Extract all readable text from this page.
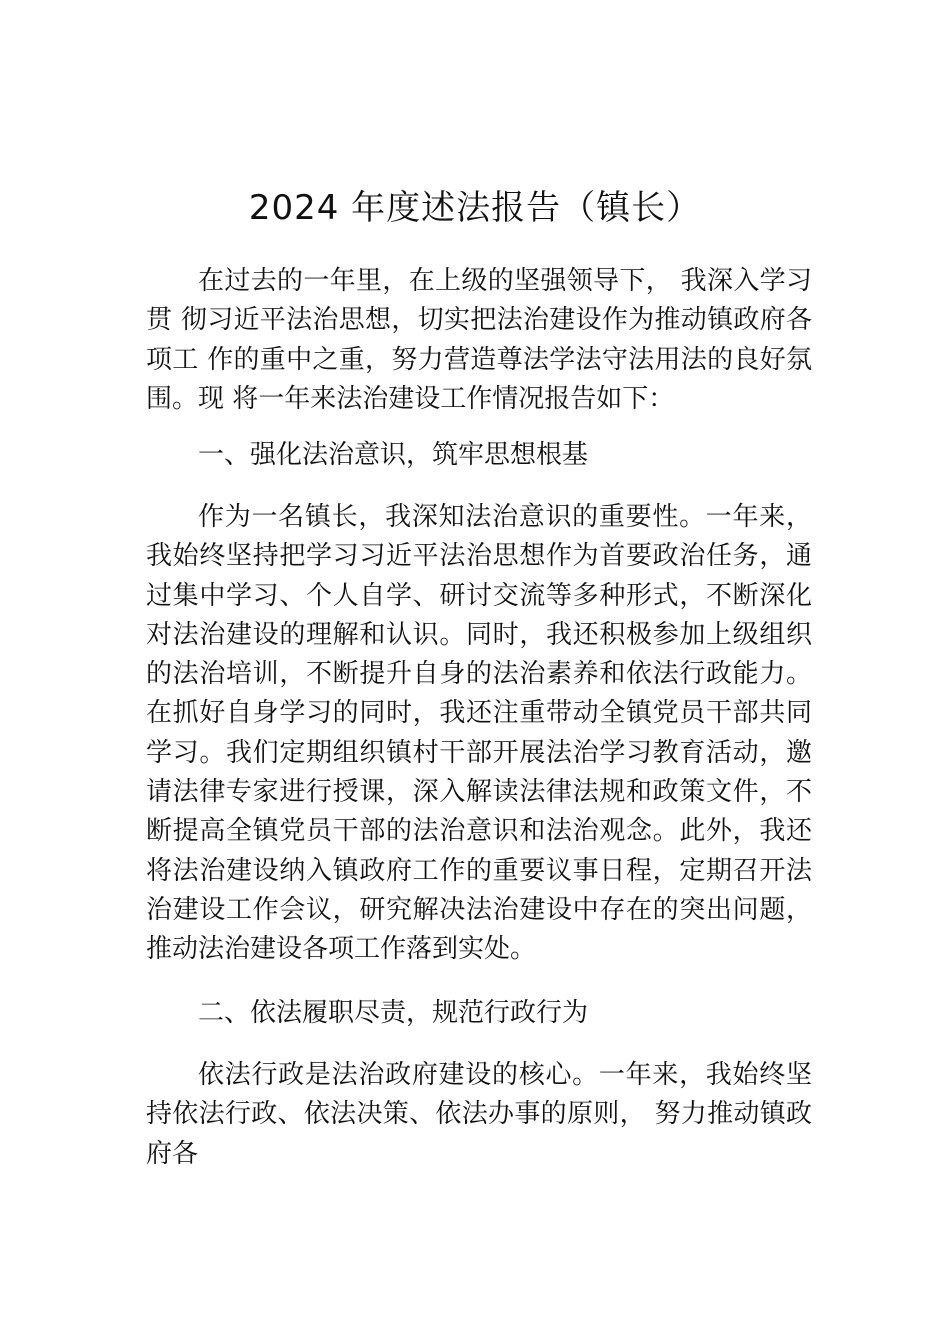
2024 年度述法报告（镇长）

在过去的一年里，在上级的坚强领导下， 我深入学习贯 彻习近平法治思想，切实把法治建设作为推动镇政府各项工 作的重中之重，努力营造尊法学法守法用法的良好氛围。现 将一年来法治建设工作情况报告如下：

一、强化法治意识，筑牢思想根基

作为一名镇长，我深知法治意识的重要性。一年来，我始终坚持把学习习近平法治思想作为首要政治任务，通过集中学习、个人自学、研讨交流等多种形式，不断深化对法治建设的理解和认识。同时，我还积极参加上级组织的法治培训，不断提升自身的法治素养和依法行政能力。在抓好自身学习的同时，我还注重带动全镇党员干部共同学习。我们定期组织镇村干部开展法治学习教育活动，邀请法律专家进行授课，深入解读法律法规和政策文件，不断提高全镇党员干部的法治意识和法治观念。此外，我还将法治建设纳入镇政府工作的重要议事日程，定期召开法治建设工作会议，研究解决法治建设中存在的突出问题，推动法治建设各项工作落到实处。

二、依法履职尽责，规范行政行为

依法行政是法治政府建设的核心。一年来，我始终坚持依法行政、依法决策、依法办事的原则， 努力推动镇政府各
